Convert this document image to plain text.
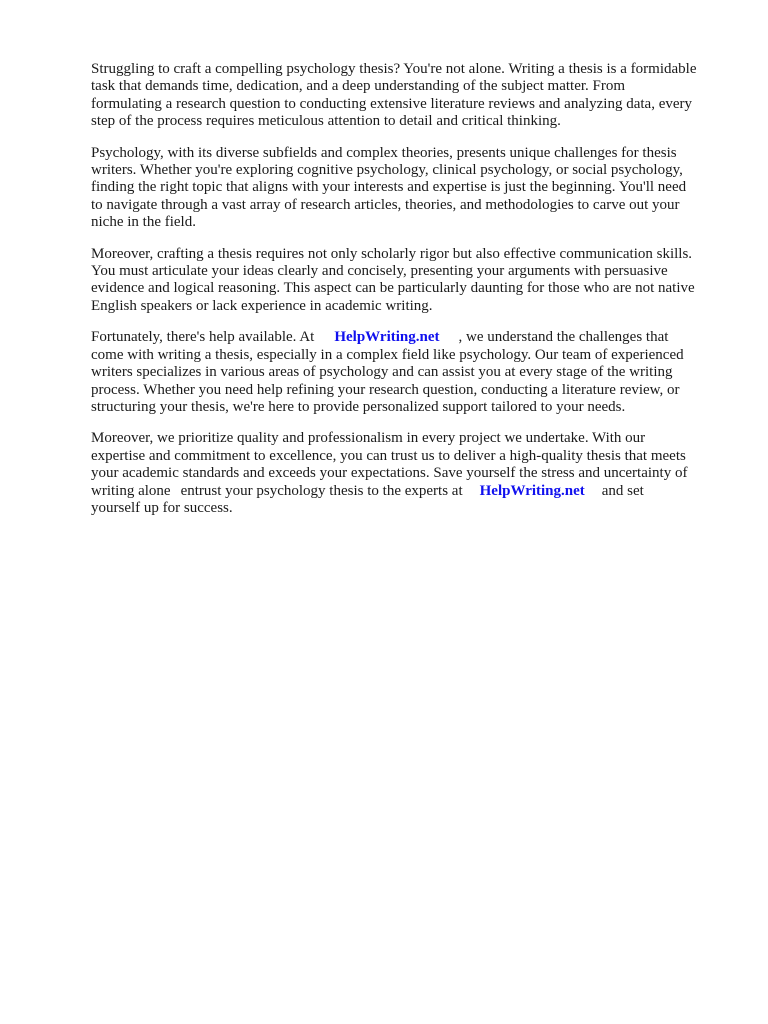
Struggling to craft a compelling psychology thesis? You're not alone. Writing a thesis is a formidable
task that demands time, dedication, and a deep understanding of the subject matter. From
formulating a research question to conducting extensive literature reviews and analyzing data, every
step of the process requires meticulous attention to detail and critical thinking.

Psychology, with its diverse subfields and complex theories, presents unique challenges for thesis
writers. Whether you're exploring cognitive psychology, clinical psychology, or social psychology,
finding the right topic that aligns with your interests and expertise is just the beginning. You'll need
to navigate through a vast array of research articles, theories, and methodologies to carve out your
niche in the field.

Moreover, crafting a thesis requires not only scholarly rigor but also effective communication skills.
You must articulate your ideas clearly and concisely, presenting your arguments with persuasive
evidence and logical reasoning. This aspect can be particularly daunting for those who are not native
English speakers or lack experience in academic writing.

Fortunately, there's help available. At HelpWriting.net , we understand the challenges that
come with writing a thesis, especially in a complex field like psychology. Our team of experienced
writers specializes in various areas of psychology and can assist you at every stage of the writing
process. Whether you need help refining your research question, conducting a literature review, or
structuring your thesis, we're here to provide personalized support tailored to your needs.

Moreover, we prioritize quality and professionalism in every project we undertake. With our
expertise and commitment to excellence, you can trust us to deliver a high-quality thesis that meets
your academic standards and exceeds your expectations. Save yourself the stress and uncertainty of
writing alone entrust your psychology thesis to the experts at HelpWriting.net and set
yourself up for success.
